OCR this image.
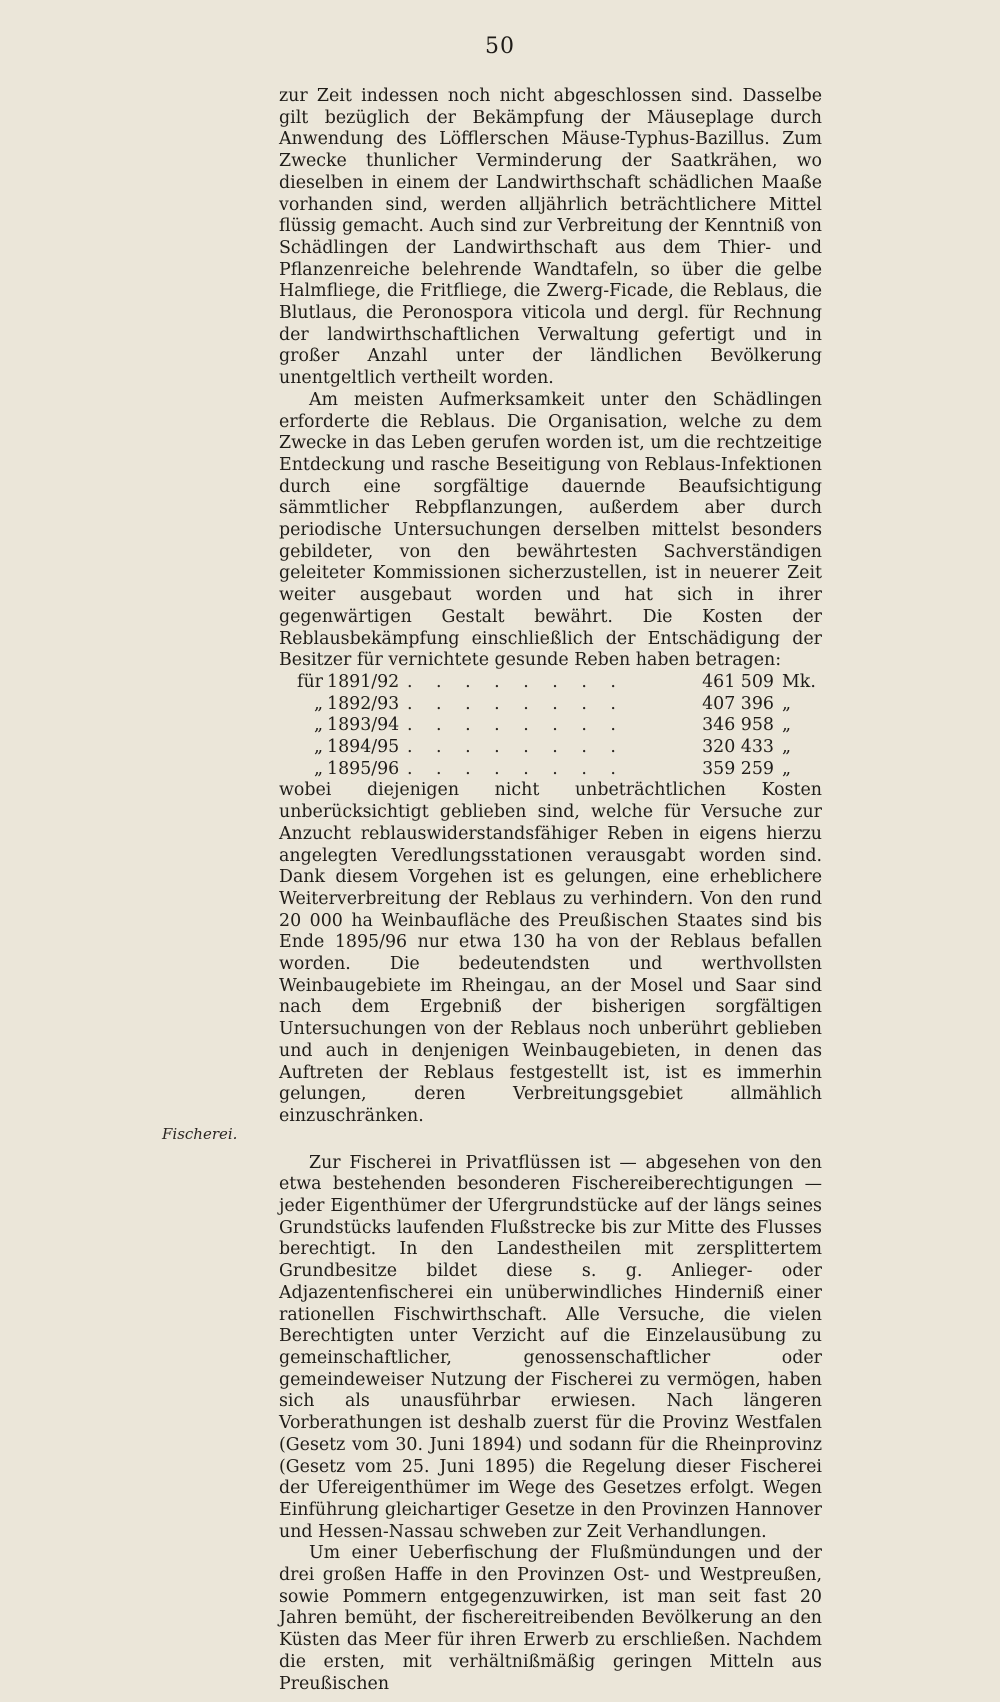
50
Fischerei.

zur Zeit indessen noch nicht abgeschlossen sind. Dasselbe gilt bezüglich der Bekämpfung der Mäuseplage durch Anwendung des Löfflerschen Mäuse-Typhus-Bazillus. Zum Zwecke thunlicher Verminderung der Saatkrähen, wo dieselben in einem der Landwirthschaft schädlichen Maaße vorhanden sind, werden alljährlich beträchtlichere Mittel flüssig gemacht. Auch sind zur Verbreitung der Kenntniß von Schädlingen der Landwirthschaft aus dem Thier- und Pflanzenreiche belehrende Wandtafeln, so über die gelbe Halmfliege, die Fritfliege, die Zwerg-Ficade, die Reblaus, die Blutlaus, die Peronospora viticola und dergl. für Rechnung der landwirthschaftlichen Verwaltung gefertigt und in großer Anzahl unter der ländlichen Bevölkerung unentgeltlich vertheilt worden.

Am meisten Aufmerksamkeit unter den Schädlingen erforderte die Reblaus. Die Organisation, welche zu dem Zwecke in das Leben gerufen worden ist, um die rechtzeitige Entdeckung und rasche Beseitigung von Reblaus-Infektionen durch eine sorgfältige dauernde Beaufsichtigung sämmtlicher Rebpflanzungen, außerdem aber durch periodische Untersuchungen derselben mittelst besonders gebildeter, von den bewährtesten Sachverständigen geleiteter Kommissionen sicherzustellen, ist in neuerer Zeit weiter ausgebaut worden und hat sich in ihrer gegenwärtigen Gestalt bewährt. Die Kosten der Reblausbekämpfung einschließlich der Entschädigung der Besitzer für vernichtete gesunde Reben haben betragen:

für 1891/92 . . . . . . . .	461 509 Mk.
„ 1892/93 . . . . . . . .	407 396 „
„ 1893/94 . . . . . . . .	346 958 „
„ 1894/95 . . . . . . . .	320 433 „
„ 1895/96 . . . . . . . .	359 259 „

wobei diejenigen nicht unbeträchtlichen Kosten unberücksichtigt geblieben sind, welche für Versuche zur Anzucht reblauswiderstandsfähiger Reben in eigens hierzu angelegten Veredlungsstationen verausgabt worden sind. Dank diesem Vorgehen ist es gelungen, eine erheblichere Weiterverbreitung der Reblaus zu verhindern. Von den rund 20 000 ha Weinbaufläche des Preußischen Staates sind bis Ende 1895/96 nur etwa 130 ha von der Reblaus befallen worden. Die bedeutendsten und werthvollsten Weinbaugebiete im Rheingau, an der Mosel und Saar sind nach dem Ergebniß der bisherigen sorgfältigen Untersuchungen von der Reblaus noch unberührt geblieben und auch in denjenigen Weinbaugebieten, in denen das Auftreten der Reblaus festgestellt ist, ist es immerhin gelungen, deren Verbreitungsgebiet allmählich einzuschränken.

Zur Fischerei in Privatflüssen ist — abgesehen von den etwa bestehenden besonderen Fischereiberechtigungen — jeder Eigenthümer der Ufergrundstücke auf der längs seines Grundstücks laufenden Flußstrecke bis zur Mitte des Flusses berechtigt. In den Landestheilen mit zersplittertem Grundbesitze bildet diese s. g. Anlieger- oder Adjazentenfischerei ein unüberwindliches Hinderniß einer rationellen Fischwirthschaft. Alle Versuche, die vielen Berechtigten unter Verzicht auf die Einzelausübung zu gemeinschaftlicher, genossenschaftlicher oder gemeindeweiser Nutzung der Fischerei zu vermögen, haben sich als unausführbar erwiesen. Nach längeren Vorberathungen ist deshalb zuerst für die Provinz Westfalen (Gesetz vom 30. Juni 1894) und sodann für die Rheinprovinz (Gesetz vom 25. Juni 1895) die Regelung dieser Fischerei der Ufereigenthümer im Wege des Gesetzes erfolgt. Wegen Einführung gleichartiger Gesetze in den Provinzen Hannover und Hessen-Nassau schweben zur Zeit Verhandlungen.

Um einer Ueberfischung der Flußmündungen und der drei großen Haffe in den Provinzen Ost- und Westpreußen, sowie Pommern entgegenzuwirken, ist man seit fast 20 Jahren bemüht, der fischereitreibenden Bevölkerung an den Küsten das Meer für ihren Erwerb zu erschließen. Nachdem die ersten, mit verhältnißmäßig geringen Mitteln aus Preußischen
